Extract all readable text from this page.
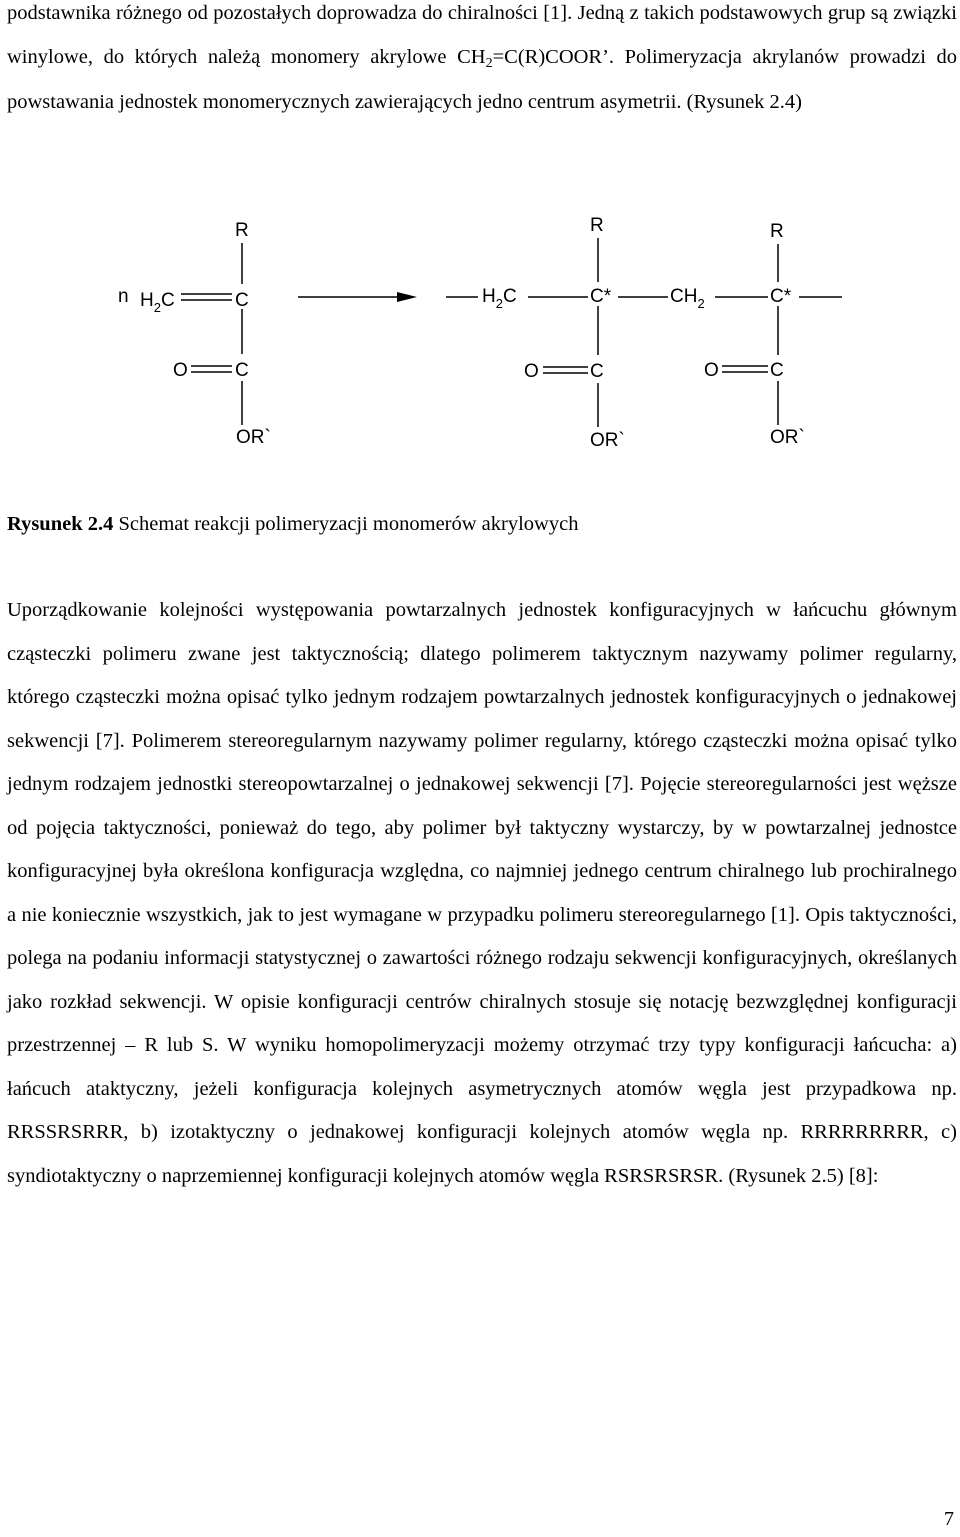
podstawnika różnego od pozostałych doprowadza do chiralności [1]. Jedną z takich podstawowych grup są związki winylowe, do których należą monomery akrylowe CH2=C(R)COOR’. Polimeryzacja akrylanów prowadzi do powstawania jednostek monomerycznych zawierających jedno centrum asymetrii. (Rysunek 2.4)

n $H_2C$	C
R
O C
OR`
$H_2C$	C*
R
$CH_2$	C*
R
O	C
OR`
O	C
OR`
Rysunek 2.4 Schemat reakcji polimeryzacji monomerów akrylowych

Uporządkowanie kolejności występowania powtarzalnych jednostek konfiguracyjnych w łańcuchu głównym cząsteczki polimeru zwane jest taktycznością; dlatego polimerem taktycznym nazywamy polimer regularny, którego cząsteczki można opisać tylko jednym rodzajem powtarzalnych jednostek konfiguracyjnych o jednakowej sekwencji [7]. Polimerem stereoregularnym nazywamy polimer regularny, którego cząsteczki można opisać tylko jednym rodzajem jednostki stereopowtarzalnej o jednakowej sekwencji [7]. Pojęcie stereoregularności jest węższe od pojęcia taktyczności, ponieważ do tego, aby polimer był taktyczny wystarczy, by w powtarzalnej jednostce konfiguracyjnej była określona konfiguracja względna, co najmniej jednego centrum chiralnego lub prochiralnego a nie koniecznie wszystkich, jak to jest wymagane w przypadku polimeru stereoregularnego [1]. Opis taktyczności, polega na podaniu informacji statystycznej o zawartości różnego rodzaju sekwencji konfiguracyjnych, określanych jako rozkład sekwencji. W opisie konfiguracji centrów chiralnych stosuje się notację bezwzględnej konfiguracji przestrzennej – R lub S. W wyniku homopolimeryzacji możemy otrzymać trzy typy konfiguracji łańcucha: a) łańcuch ataktyczny, jeżeli konfiguracja kolejnych asymetrycznych atomów węgla jest przypadkowa np. RRSSRSRRR, b) izotaktyczny o jednakowej konfiguracji kolejnych atomów węgla np. RRRRRRRRR, c) syndiotaktyczny o naprzemiennej konfiguracji kolejnych atomów węgla RSRSRSRSR. (Rysunek 2.5) [8]:

7
